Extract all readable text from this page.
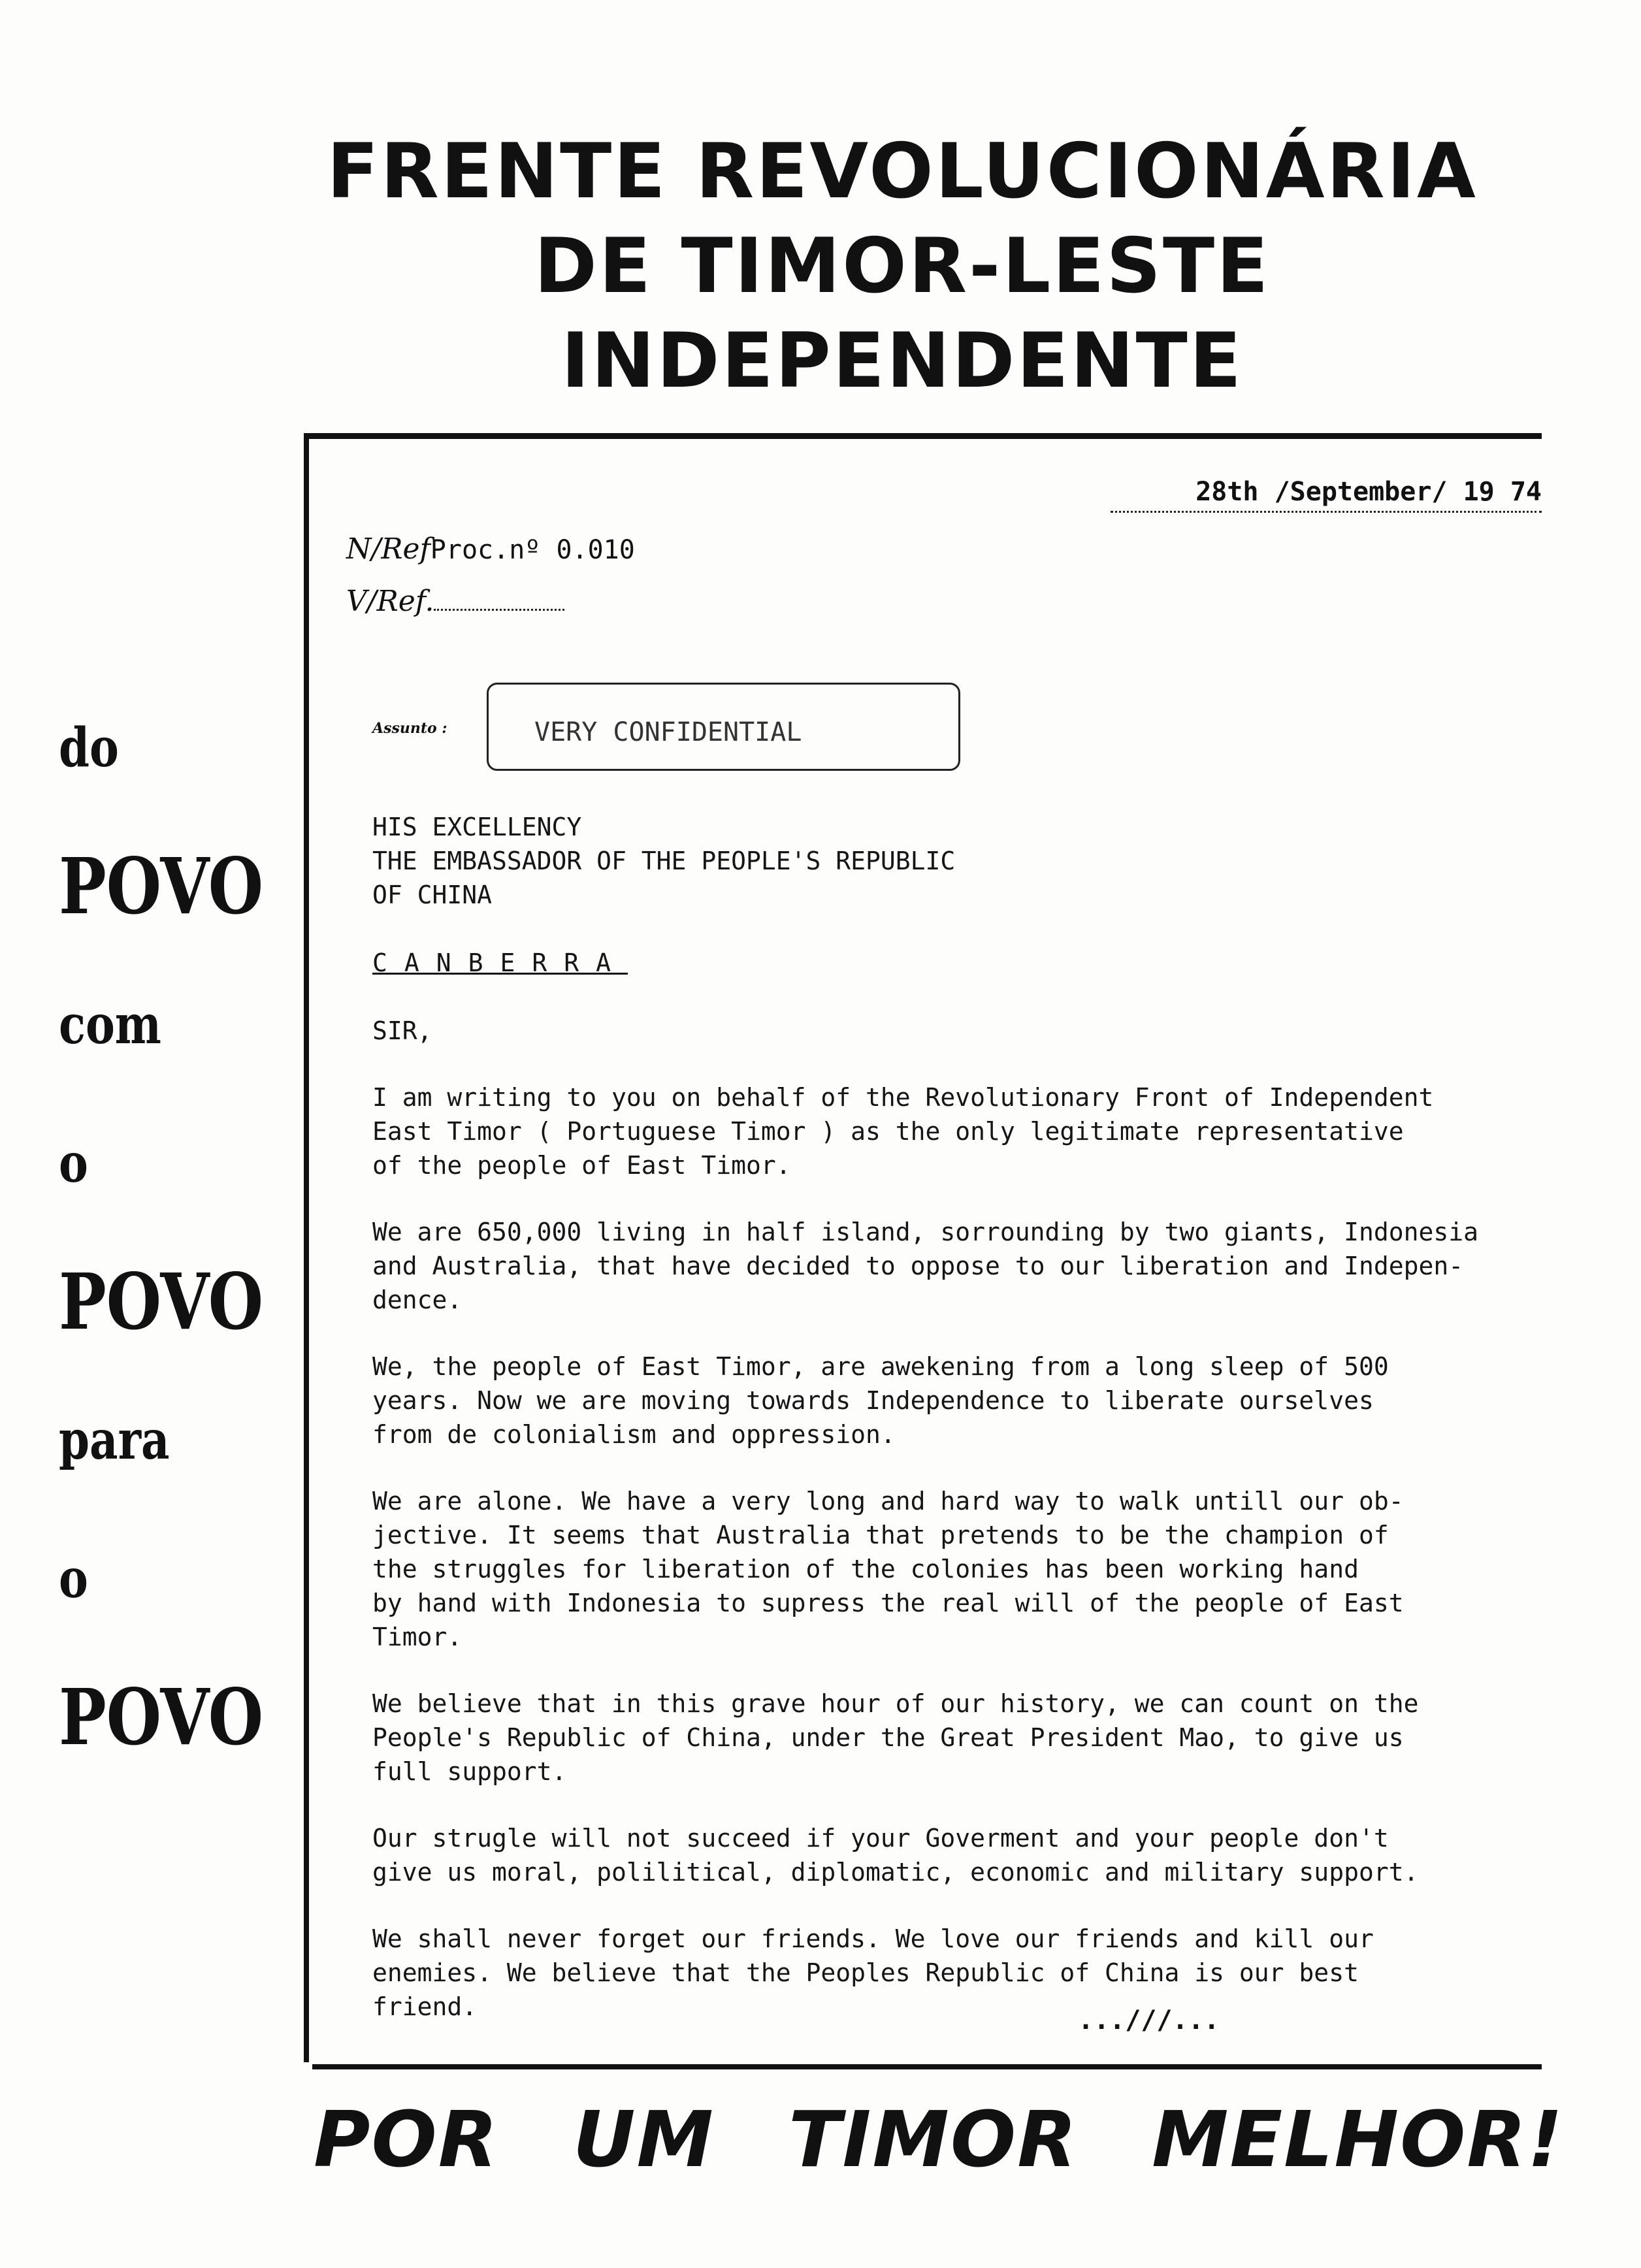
FRENTE REVOLUCIONÁRIA
DE TIMOR-LESTE
INDEPENDENTE
do
POVO
com
o
POVO
para
o
POVO
28th /September/ 19 74
N/RefProc.nº 0.010
V/Ref.
Assunto :	VERY CONFIDENTIAL

HIS EXCELLENCY
THE EMBASSADOR OF THE PEOPLE'S REPUBLIC
OF CHINA

CANBERRA

SIR,

I am writing to you on behalf of the Revolutionary Front of Independent
East Timor ( Portuguese Timor ) as the only legitimate representative
of the people of East Timor.

We are 650,000 living in half island, sorrounding by two giants, Indonesia
and Australia, that have decided to oppose to our liberation and Indepen-
dence.

We, the people of East Timor, are awekening from a long sleep of 500
years. Now we are moving towards Independence to liberate ourselves
from de colonialism and oppression.

We are alone. We have a very long and hard way to walk untill our ob-
jective. It seems that Australia that pretends to be the champion of
the struggles for liberation of the colonies has been working hand
by hand with Indonesia to supress the real will of the people of East
Timor.

We believe that in this grave hour of our history, we can count on the
People's Republic of China, under the Great President Mao, to give us
full support.

Our strugle will not succeed if your Goverment and your people don't
give us moral, polilitical, diplomatic, economic and military support.

We shall never forget our friends. We love our friends and kill our
enemies. We believe that the Peoples Republic of China is our best
friend.	...///...
POR UM TIMOR MELHOR!
